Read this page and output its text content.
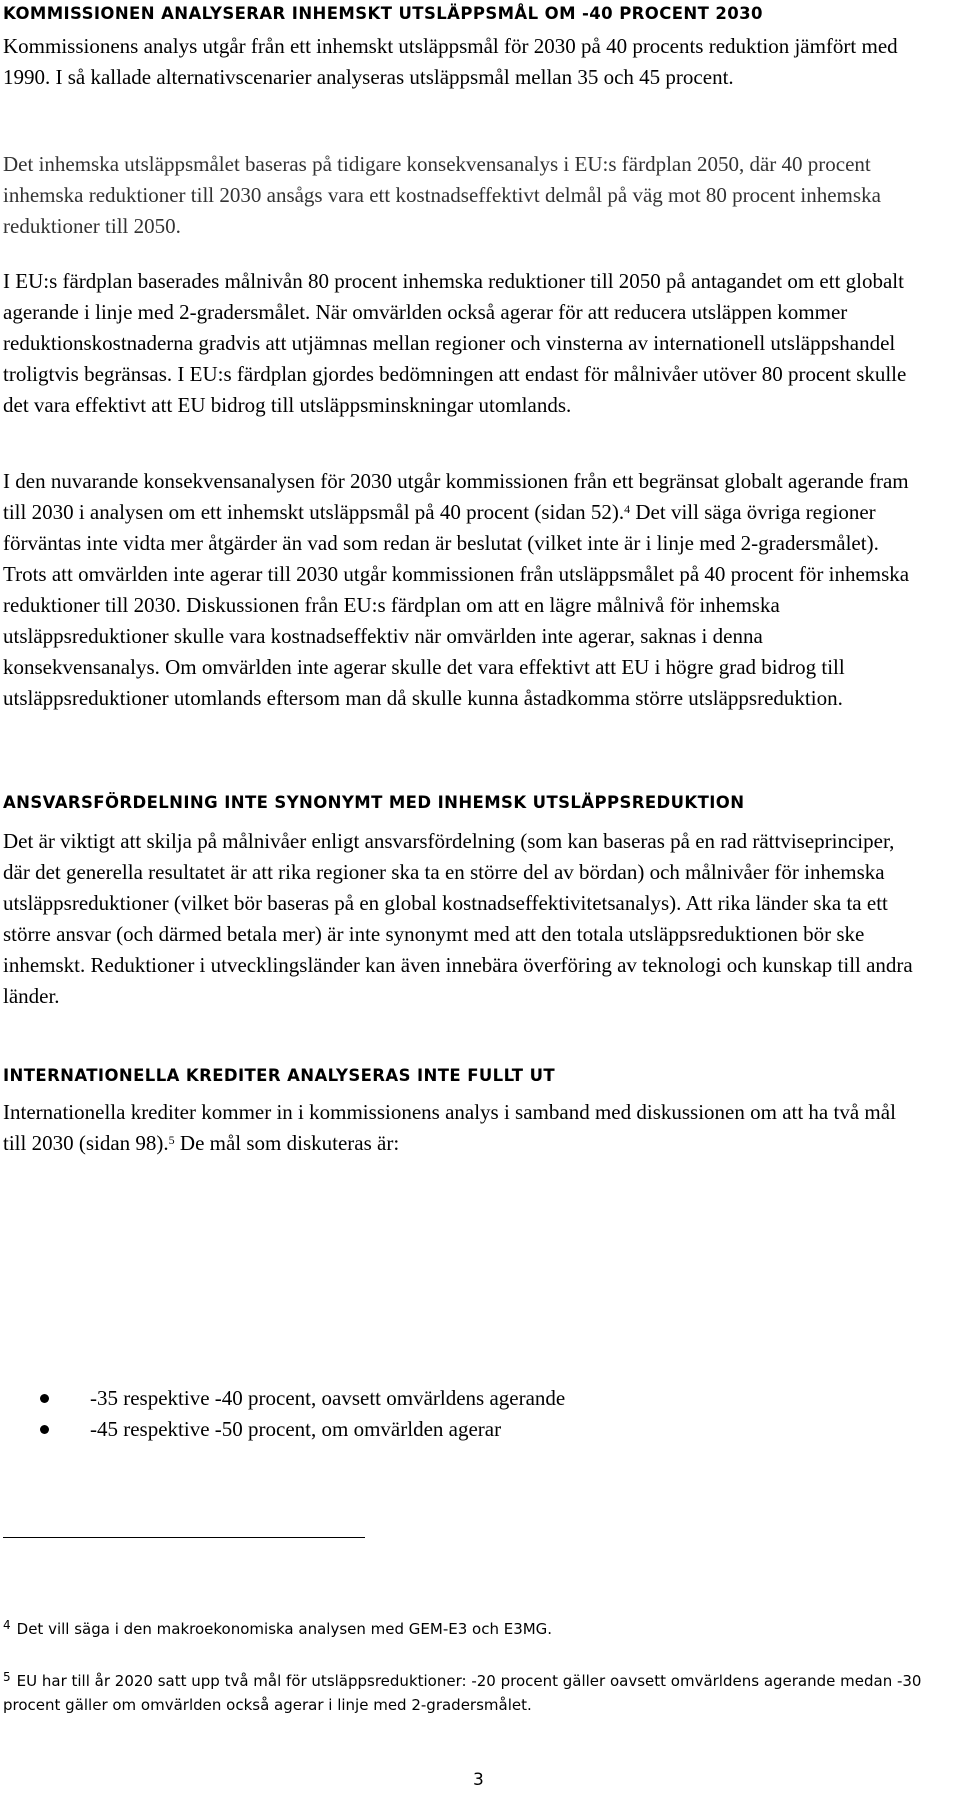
KOMMISSIONEN ANALYSERAR INHEMSKT UTSLÄPPSMÅL OM -40 PROCENT 2030

Kommissionens analys utgår från ett inhemskt utsläppsmål för 2030 på 40 procents reduktion jämfört med 1990. I så kallade alternativscenarier analyseras utsläppsmål mellan 35 och 45 procent.

Det inhemska utsläppsmålet baseras på tidigare konsekvensanalys i EU:s färdplan 2050, där 40 procent inhemska reduktioner till 2030 ansågs vara ett kostnadseffektivt delmål på väg mot 80 procent inhemska reduktioner till 2050.

I EU:s färdplan baserades målnivån 80 procent inhemska reduktioner till 2050 på antagandet om ett globalt agerande i linje med 2-gradersmålet. När omvärlden också agerar för att reducera utsläppen kommer reduktionskostnaderna gradvis att utjämnas mellan regioner och vinsterna av internationell utsläppshandel troligtvis begränsas. I EU:s färdplan gjordes bedömningen att endast för målnivåer utöver 80 procent skulle det vara effektivt att EU bidrog till utsläppsminskningar utomlands.

I den nuvarande konsekvensanalysen för 2030 utgår kommissionen från ett begränsat globalt agerande fram till 2030 i analysen om ett inhemskt utsläppsmål på 40 procent (sidan 52).$^4$ Det vill säga övriga regioner förväntas inte vidta mer åtgärder än vad som redan är beslutat (vilket inte är i linje med 2-gradersmålet). Trots att omvärlden inte agerar till 2030 utgår kommissionen från utsläppsmålet på 40 procent för inhemska reduktioner till 2030. Diskussionen från EU:s färdplan om att en lägre målnivå för inhemska utsläppsreduktioner skulle vara kostnadseffektiv när omvärlden inte agerar, saknas i denna konsekvensanalys. Om omvärlden inte agerar skulle det vara effektivt att EU i högre grad bidrog till utsläppsreduktioner utomlands eftersom man då skulle kunna åstadkomma större utsläppsreduktion.

ANSVARSFÖRDELNING INTE SYNONYMT MED INHEMSK UTSLÄPPSREDUKTION

Det är viktigt att skilja på målnivåer enligt ansvarsfördelning (som kan baseras på en rad rättviseprinciper, där det generella resultatet är att rika regioner ska ta en större del av bördan) och målnivåer för inhemska utsläppsreduktioner (vilket bör baseras på en global kostnadseffektivitetsanalys). Att rika länder ska ta ett större ansvar (och därmed betala mer) är inte synonymt med att den totala utsläppsreduktionen bör ske inhemskt. Reduktioner i utvecklingsländer kan även innebära överföring av teknologi och kunskap till andra länder.

INTERNATIONELLA KREDITER ANALYSERAS INTE FULLT UT

Internationella krediter kommer in i kommissionens analys i samband med diskussionen om att ha två mål till 2030 (sidan 98).$^5$ De mål som diskuteras är:

-35 respektive -40 procent, oavsett omvärldens agerande
-45 respektive -50 procent, om omvärlden agerar

$^4$ Det vill säga i den makroekonomiska analysen med GEM-E3 och E3MG.

$^5$ EU har till år 2020 satt upp två mål för utsläppsreduktioner: -20 procent gäller oavsett omvärldens agerande medan -30 procent gäller om omvärlden också agerar i linje med 2-gradersmålet.

3
